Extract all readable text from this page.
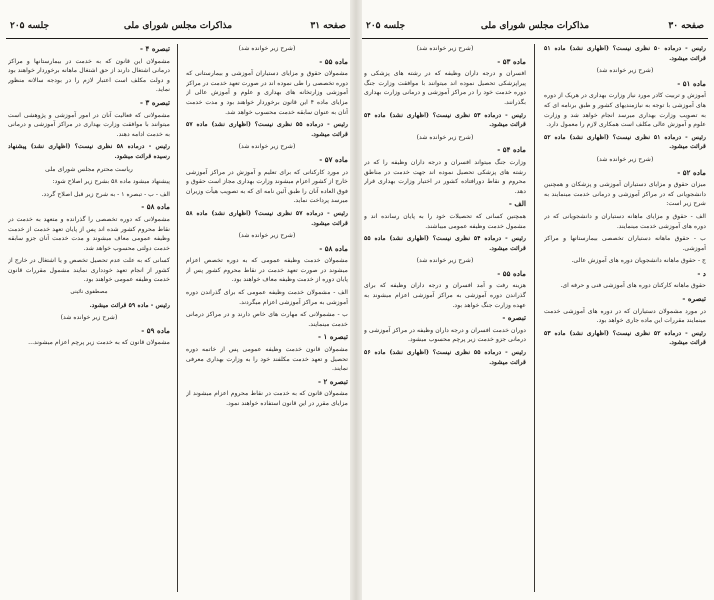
صفحه ۳۱
مذاکرات مجلس شورای ملی
جلسه ۲۰۵

(شرح زیر خوانده شد)

ماده ۵۵ -

مشمولان حقوق و مزایای دستیاران آموزشی و بیمارستانی که دوره تخصصی را طی نموده اند در صورت تعهد خدمت در مراکز آموزشی وزارتخانه های بهداری و علوم و آموزش عالی از مزایای ماده ۴ این قانون برخوردار خواهند بود و مدت خدمت آنان به عنوان سابقه خدمت محسوب خواهد شد.

رئیس - درماده ۵۵ نظری نیست؟ (اظهاری نشد) ماده ۵۷ قرائت میشود.

(شرح زیر خوانده شد)

ماده ۵۷ -

در مورد کارکنانی که برای تعلیم و آموزش در مراکز آموزشی خارج از کشور اعزام میشوند وزارت بهداری مجاز است حقوق و فوق العاده آنان را طبق آئین نامه ای که به تصویب هیأت وزیران میرسد پرداخت نماید.

رئیس - درماده ۵۷ نظری نیست؟ (اظهاری نشد) ماده ۵۸ قرائت میشود.

(شرح زیر خوانده شد)

ماده ۵۸ -

مشمولان خدمت وظیفه عمومی که به دوره تخصص اعزام میشوند در صورت تعهد خدمت در نقاط محروم کشور پس از پایان دوره از خدمت وظیفه معاف خواهند بود.

الف - مشمولان خدمت وظیفه عمومی که برای گذراندن دوره آموزشی به مراکز آموزشی اعزام میگردند.

ب - مشمولانی که مهارت های خاص دارند و در مراکز درمانی خدمت مینمایند.

تبصره ۱ -

مشمولان قانون خدمت وظیفه عمومی پس از خاتمه دوره تحصیل و تعهد خدمت مکلفند خود را به وزارت بهداری معرفی نمایند.

تبصره ۲ -

مشمولان قانون که به خدمت در نقاط محروم اعزام میشوند از مزایای مقرر در این قانون استفاده خواهند نمود.

تبصره ۴ -

مشمولان این قانون که به خدمت در بیمارستانها و مراکز درمانی اشتغال دارند از حق اشتغال ماهانه برخوردار خواهند بود و دولت مکلف است اعتبار لازم را در بودجه سالانه منظور نماید.

تبصره ۳ -

مشمولانی که فعالیت آنان در امور آموزشی و پژوهشی است میتوانند با موافقت وزارت بهداری در مراکز آموزشی و درمانی به خدمت ادامه دهند.

رئیس - درماده ۵۸ نظری نیست؟ (اظهاری نشد) پیشنهاد رسیده قرائت میشود.

ریاست محترم مجلس شورای ملی

پیشنهاد میشود ماده ۵۸ بشرح زیر اصلاح شود:

الف - ب - تبصره ۱ - به شرح زیر قبل اصلاح گردد.

ماده ۵۸ -

مشمولانی که دوره تخصصی را گذرانده و متعهد به خدمت در نقاط محروم کشور شده اند پس از پایان تعهد خدمت از خدمت وظیفه عمومی معاف میشوند و مدت خدمت آنان جزو سابقه خدمت دولتی محسوب خواهد شد.

کسانی که به علت عدم تحصیل تخصص و یا اشتغال در خارج از کشور از انجام تعهد خودداری نمایند مشمول مقررات قانون خدمت وظیفه عمومی خواهند بود.

مصطفوی نائینی

رئیس - ماده ۵۹ قرائت میشود.

(شرح زیر خوانده شد)

ماده ۵۹ -

مشمولان قانون که به خدمت زیر پرچم اعزام میشوند...

صفحه ۳۰
مذاکرات مجلس شورای ملی
جلسه ۲۰۵

رئیس - درماده ۵۰ نظری نیست؟ (اظهاری نشد) ماده ۵۱ قرائت میشود.

(شرح زیر خوانده شد)

ماده ۵۱ -

آموزش و تربیت کادر مورد نیاز وزارت بهداری در هریک از دوره های آموزشی با توجه به نیازمندیهای کشور و طبق برنامه ای که به تصویب وزارت بهداری میرسد انجام خواهد شد و وزارت علوم و آموزش عالی مکلف است همکاری لازم را معمول دارد.

رئیس - درماده ۵۱ نظری نیست؟ (اظهاری نشد) ماده ۵۲ قرائت میشود.

(شرح زیر خوانده شد)

ماده ۵۲ -

میزان حقوق و مزایای دستیاران آموزشی و پزشکان و همچنین دانشجویانی که در مراکز آموزشی و درمانی خدمت مینمایند به شرح زیر است:

الف - حقوق و مزایای ماهانه دستیاران و دانشجویانی که در دوره های آموزشی خدمت مینمایند.

ب - حقوق ماهانه دستیاران تخصصی بیمارستانها و مراکز آموزشی.

ج - حقوق ماهانه دانشجویان دوره های آموزش عالی.

د -

حقوق ماهانه کارکنان دوره های آموزشی فنی و حرفه ای.

تبصره -

در مورد مشمولان دستیاران که در دوره های آموزشی خدمت مینمایند مقررات این ماده جاری خواهد بود.

رئیس - درماده ۵۲ نظری نیست؟ (اظهاری نشد) ماده ۵۳ قرائت میشود.

(شرح زیر خوانده شد)

ماده ۵۳ -

افسران و درجه داران وظیفه که در رشته های پزشکی و پیراپزشکی تحصیل نموده اند میتوانند با موافقت وزارت جنگ دوره خدمت خود را در مراکز آموزشی و درمانی وزارت بهداری بگذرانند.

رئیس - درماده ۵۳ نظری نیست؟ (اظهاری نشد) ماده ۵۴ قرائت میشود.

(شرح زیر خوانده شد)

ماده ۵۴ -

وزارت جنگ میتواند افسران و درجه داران وظیفه را که در رشته های پزشکی تحصیل نموده اند جهت خدمت در مناطق محروم و نقاط دورافتاده کشور در اختیار وزارت بهداری قرار دهد.

الف -

همچنین کسانی که تحصیلات خود را به پایان رسانده اند و مشمول خدمت وظیفه عمومی میباشند.

رئیس - درماده ۵۴ نظری نیست؟ (اظهاری نشد) ماده ۵۵ قرائت میشود.

(شرح زیر خوانده شد)

ماده ۵۵ -

هزینه رفت و آمد افسران و درجه داران وظیفه که برای گذراندن دوره آموزشی به مراکز آموزشی اعزام میشوند به عهده وزارت جنگ خواهد بود.

تبصره -

دوران خدمت افسران و درجه داران وظیفه در مراکز آموزشی و درمانی جزو خدمت زیر پرچم محسوب میشود.

رئیس - درماده ۵۵ نظری نیست؟ (اظهاری نشد) ماده ۵۶ قرائت میشود.
